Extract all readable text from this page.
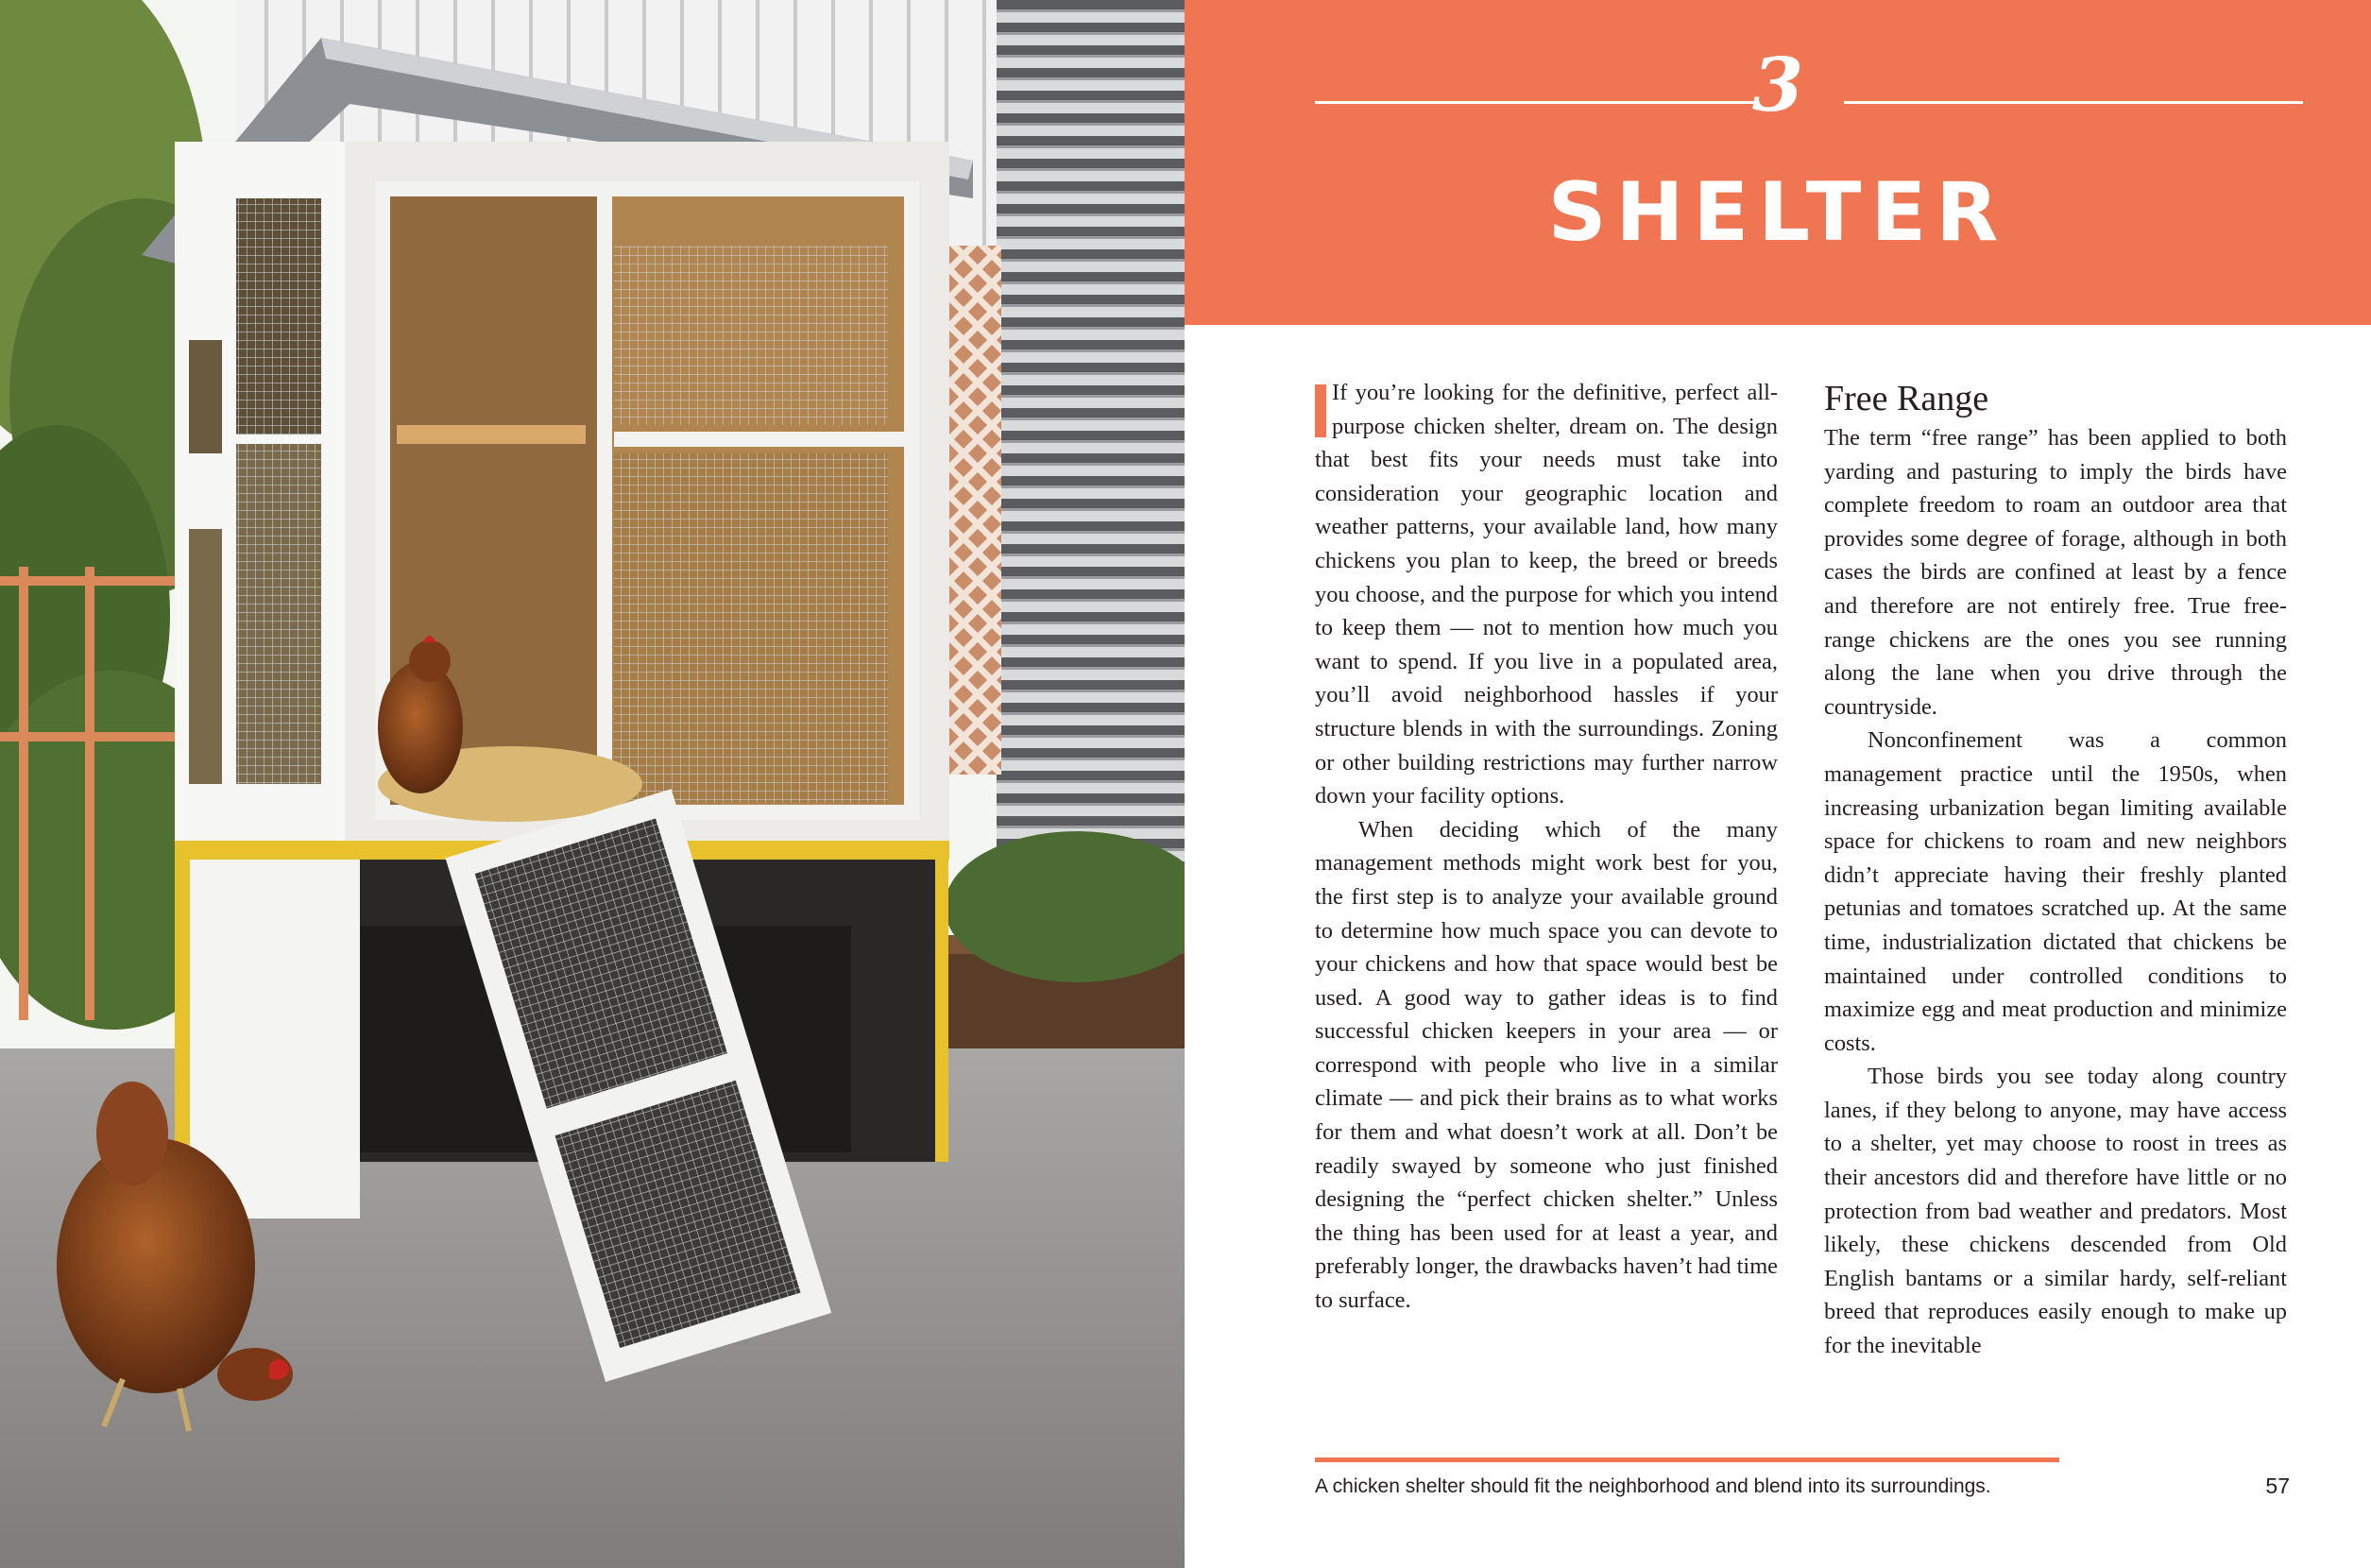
3
SHELTER

If you’re looking for the definitive, perfect all-purpose chicken shelter, dream on. The design that best fits your needs must take into consideration your geographic location and weather patterns, your available land, how many chickens you plan to keep, the breed or breeds you choose, and the purpose for which you intend to keep them — not to mention how much you want to spend. If you live in a populated area, you’ll avoid neighborhood hassles if your structure blends in with the surroundings. Zoning or other building restrictions may further narrow down your facility options.

When deciding which of the many management methods might work best for you, the first step is to analyze your available ground to determine how much space you can devote to your chickens and how that space would best be used. A good way to gather ideas is to find successful chicken keepers in your area — or correspond with people who live in a similar climate — and pick their brains as to what works for them and what doesn’t work at all. Don’t be readily swayed by someone who just finished designing the “perfect chicken shelter.” Unless the thing has been used for at least a year, and preferably longer, the drawbacks haven’t had time to surface.

Free Range

The term “free range” has been applied to both yarding and pasturing to imply the birds have complete freedom to roam an outdoor area that provides some degree of forage, although in both cases the birds are confined at least by a fence and therefore are not entirely free. True free-range chickens are the ones you see running along the lane when you drive through the countryside.

Nonconfinement was a common management practice until the 1950s, when increasing urbanization began limiting available space for chickens to roam and new neighbors didn’t appreciate having their freshly planted petunias and tomatoes scratched up. At the same time, industrialization dictated that chickens be maintained under controlled conditions to maximize egg and meat production and minimize costs.

Those birds you see today along country lanes, if they belong to anyone, may have access to a shelter, yet may choose to roost in trees as their ancestors did and therefore have little or no protection from bad weather and predators. Most likely, these chickens descended from Old English bantams or a similar hardy, self-reliant breed that reproduces easily enough to make up for the inevitable

A chicken shelter should fit the neighborhood and blend into its surroundings.	57
